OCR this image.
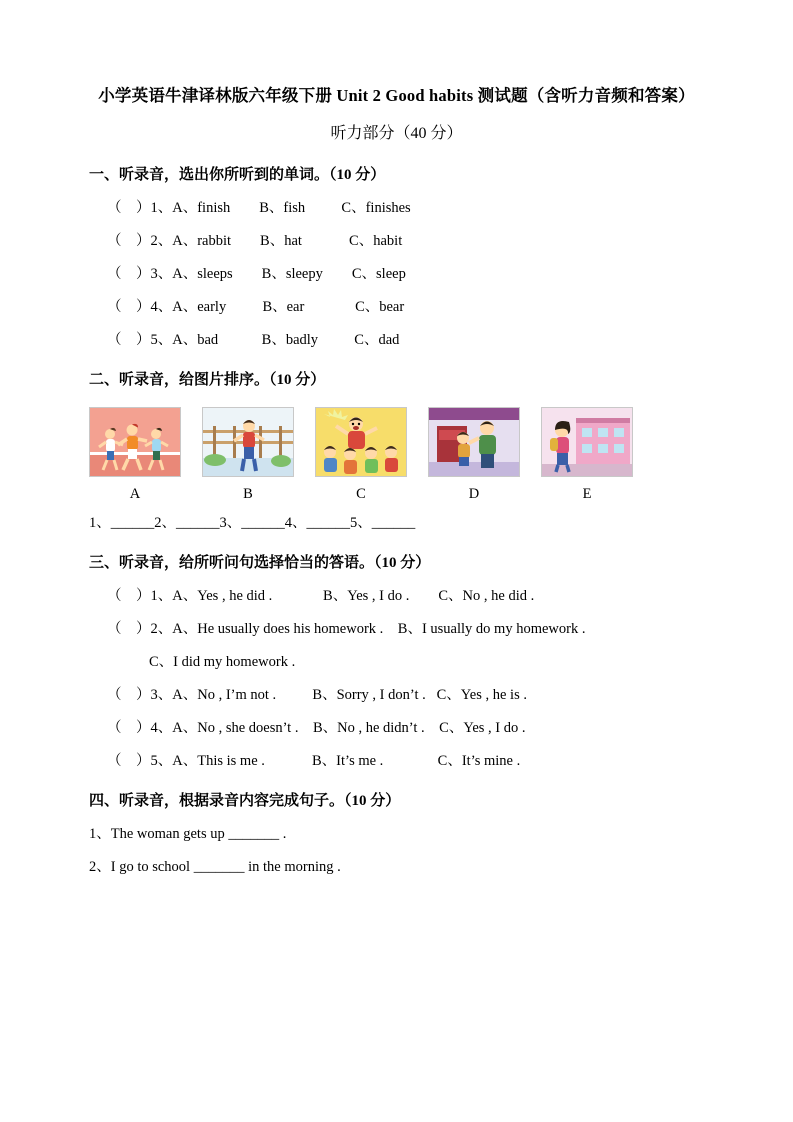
小学英语牛津译林版六年级下册 Unit 2 Good habits 测试题（含听力音频和答案）
听力部分（40 分）
一、听录音，选出你所听到的单词。（10 分）
（    ）1、A、finish        B、fish          C、finishes
（    ）2、A、rabbit        B、hat             C、habit
（    ）3、A、sleeps        B、sleepy        C、sleep
（    ）4、A、early          B、ear              C、bear
（    ）5、A、bad            B、badly          C、dad
二、听录音，给图片排序。（10 分）
A	B	C	D	E
1、______2、______3、______4、______5、______
三、听录音，给所听问句选择恰当的答语。（10 分）
（    ）1、A、Yes , he did .              B、Yes , I do .        C、No , he did .
（    ）2、A、He usually does his homework .    B、I usually do my homework .
C、I did my homework .
（    ）3、A、No , I’m not .          B、Sorry , I don’t .   C、Yes , he is .
（    ）4、A、No , she doesn’t .    B、No , he didn’t .    C、Yes , I do .
（    ）5、A、This is me .             B、It’s me .               C、It’s mine .
四、听录音，根据录音内容完成句子。（10 分）
1、The woman gets up _______ .
2、I go to school _______ in the morning .
